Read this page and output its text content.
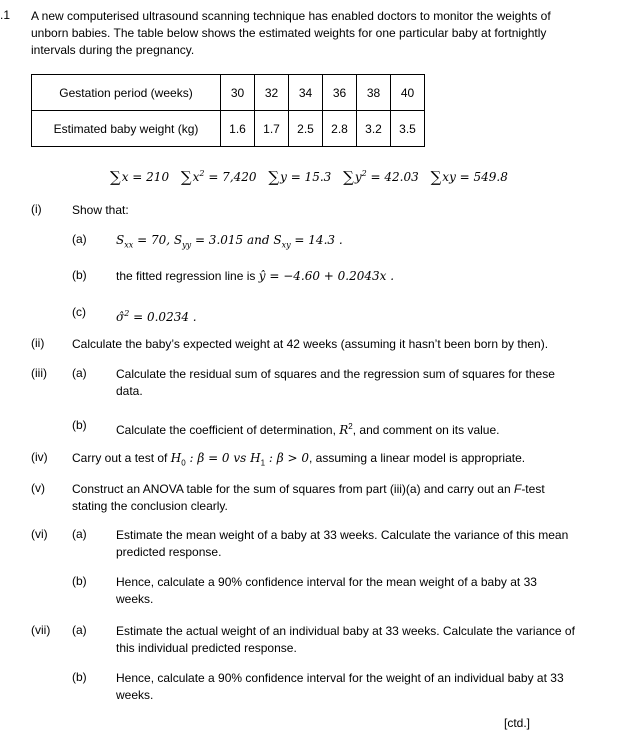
.1 A new computerised ultrasound scanning technique has enabled doctors to monitor the weights of unborn babies. The table below shows the estimated weights for one particular baby at fortnightly intervals during the pregnancy.
Gestation period (weeks)	30	32	34	36	38	40
Estimated baby weight (kg)	1.6	1.7	2.5	2.8	3.2	3.5
∑x = 210 $\sum x^2 = 7,420$ ∑y = 15.3 $\sum y^2 = 42.03$ ∑xy = 549.8
(i)	Show that:
(a) $S_{xx} = 70$, $S_{yy} = 3.015$ and $S_{xy} = 14.3$ .
(b) the fitted regression line is ŷ = −4.60 + 0.2043x .
(c)	σ̂$^2$ = 0.0234 .
(ii) Calculate the baby’s expected weight at 42 weeks (assuming it hasn’t been born by then).
(iii) (a) Calculate the residual sum of squares and the regression sum of squares for these data.
(b) Calculate the coefficient of determination, $R^2$, and comment on its value.
(iv) Carry out a test of $H_0$ : β = 0 vs $H_1$ : β > 0, assuming a linear model is appropriate.
(v) Construct an ANOVA table for the sum of squares from part (iii)(a) and carry out an F-test stating the conclusion clearly.
(vi) (a) Estimate the mean weight of a baby at 33 weeks. Calculate the variance of this mean predicted response.
(b) Hence, calculate a 90% confidence interval for the mean weight of a baby at 33 weeks.
(vii) (a) Estimate the actual weight of an individual baby at 33 weeks. Calculate the variance of this individual predicted response.
(b) Hence, calculate a 90% confidence interval for the weight of an individual baby at 33 weeks.
[ctd.]
